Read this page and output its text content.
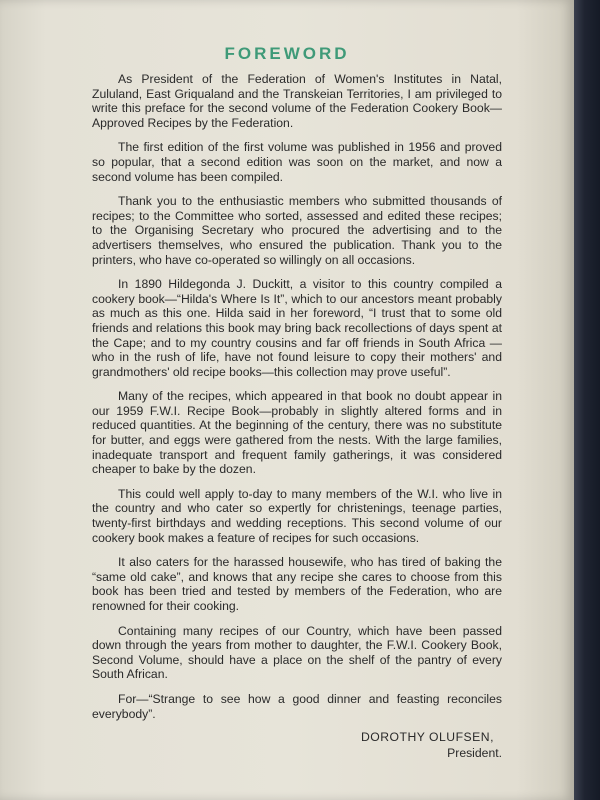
FOREWORD

As President of the Federation of Women's Institutes in Natal, Zululand, East Griqualand and the Transkeian Territories, I am privileged to write this preface for the second volume of the Federation Cookery Book—Approved Recipes by the Federation.

The first edition of the first volume was published in 1956 and proved so popular, that a second edition was soon on the market, and now a second volume has been compiled.

Thank you to the enthusiastic members who submitted thousands of recipes; to the Committee who sorted, assessed and edited these recipes; to the Organising Secretary who procured the advertising and to the advertisers themselves, who ensured the publication. Thank you to the printers, who have co-operated so willingly on all occasions.

In 1890 Hildegonda J. Duckitt, a visitor to this country compiled a cookery book—“Hilda's Where Is It”, which to our ancestors meant probably as much as this one. Hilda said in her foreword, “I trust that to some old friends and relations this book may bring back recollections of days spent at the Cape; and to my country cousins and far off friends in South Africa —who in the rush of life, have not found leisure to copy their mothers' and grandmothers' old recipe books—this collection may prove useful”.

Many of the recipes, which appeared in that book no doubt appear in our 1959 F.W.I. Recipe Book—probably in slightly altered forms and in reduced quantities. At the beginning of the century, there was no substitute for butter, and eggs were gathered from the nests. With the large families, inadequate transport and frequent family gatherings, it was considered cheaper to bake by the dozen.

This could well apply to-day to many members of the W.I. who live in the country and who cater so expertly for christenings, teenage parties, twenty-first birthdays and wedding receptions. This second volume of our cookery book makes a feature of recipes for such occasions.

It also caters for the harassed housewife, who has tired of baking the “same old cake”, and knows that any recipe she cares to choose from this book has been tried and tested by members of the Federation, who are renowned for their cooking.

Containing many recipes of our Country, which have been passed down through the years from mother to daughter, the F.W.I. Cookery Book, Second Volume, should have a place on the shelf of the pantry of every South African.

For—“Strange to see how a good dinner and feasting reconciles everybody”.

DOROTHY OLUFSEN,
President.
